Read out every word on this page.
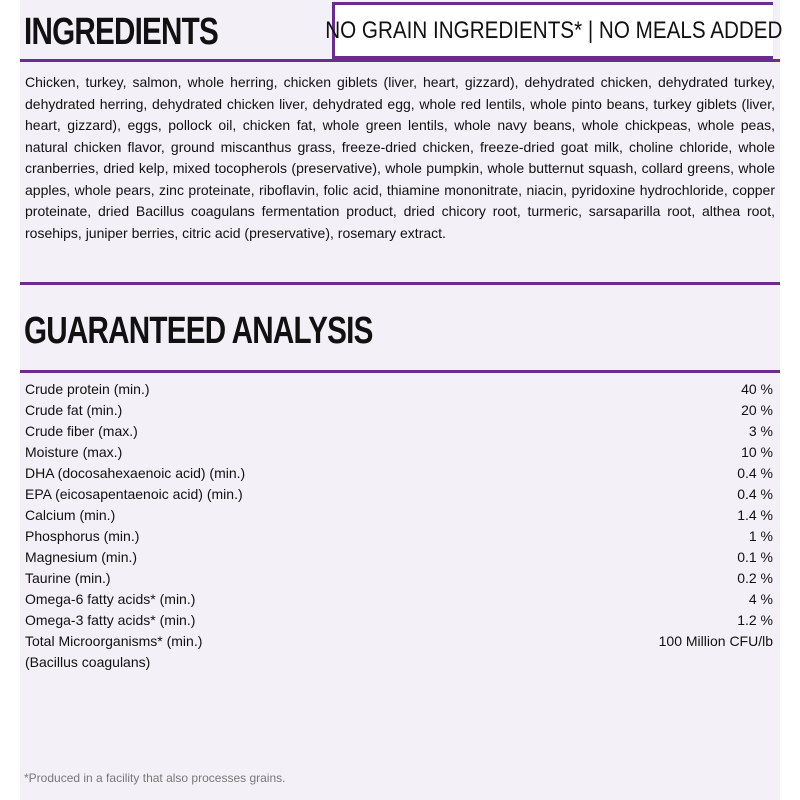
INGREDIENTS	NO GRAIN INGREDIENTS* | NO MEALS ADDED

Chicken, turkey, salmon, whole herring, chicken giblets (liver, heart, gizzard), dehydrated chicken, dehydrated turkey, dehydrated herring, dehydrated chicken liver, dehydrated egg, whole red lentils, whole pinto beans, turkey giblets (liver, heart, gizzard), eggs, pollock oil, chicken fat, whole green lentils, whole navy beans, whole chickpeas, whole peas, natural chicken flavor, ground miscanthus grass, freeze-dried chicken, freeze-dried goat milk, choline chloride, whole cranberries, dried kelp, mixed tocopherols (preservative), whole pumpkin, whole butternut squash, collard greens, whole apples, whole pears, zinc proteinate, riboflavin, folic acid, thiamine mononitrate, niacin, pyridoxine hydrochloride, copper proteinate, dried Bacillus coagulans fermentation product, dried chicory root, turmeric, sarsaparilla root, althea root, rosehips, juniper berries, citric acid (preservative), rosemary extract.

GUARANTEED ANALYSIS
Crude protein (min.)	40 %
Crude fat (min.)	20 %
Crude fiber (max.)	3 %
Moisture (max.)	10 %
DHA (docosahexaenoic acid) (min.)	0.4 %
EPA (eicosapentaenoic acid) (min.)	0.4 %
Calcium (min.)	1.4 %
Phosphorus (min.)	1 %
Magnesium (min.)	0.1 %
Taurine (min.)	0.2 %
Omega-6 fatty acids* (min.)	4 %
Omega-3 fatty acids* (min.)	1.2 %
Total Microorganisms* (min.)	100 Million CFU/lb
(Bacillus coagulans)

*Produced in a facility that also processes grains.
